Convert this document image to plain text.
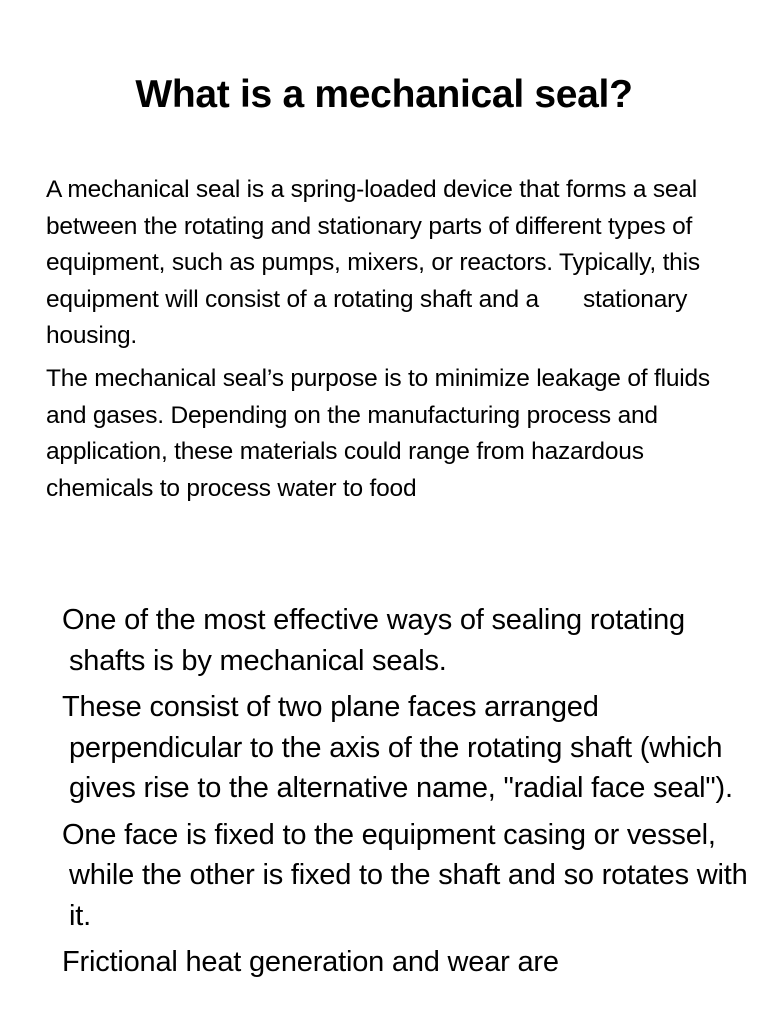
What is a mechanical seal?

A mechanical seal is a spring-loaded device that forms a seal between the rotating and stationary parts of different types of equipment, such as pumps, mixers, or reactors. Typically, this equipment will consist of a rotating shaft and a stationary housing.

The mechanical seal’s purpose is to minimize leakage of fluids and gases. Depending on the manufacturing process and application, these materials could range from hazardous chemicals to process water to food

One of the most effective ways of sealing rotating shafts is by mechanical seals.

These consist of two plane faces arranged perpendicular to the axis of the rotating shaft (which gives rise to the alternative name, "radial face seal").

One face is fixed to the equipment casing or vessel, while the other is fixed to the shaft and so rotates with it.

Frictional heat generation and wear are
